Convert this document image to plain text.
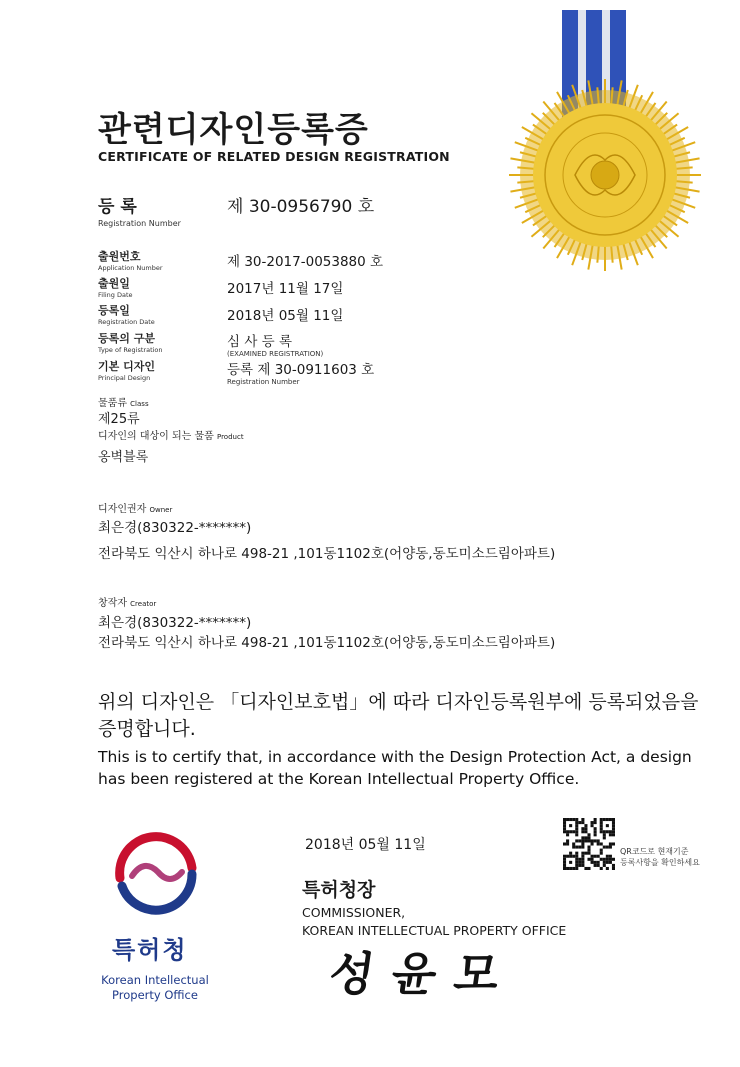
관련디자인등록증
CERTIFICATE OF RELATED DESIGN REGISTRATION
등 록
Registration Number
제 30-0956790 호
출원번호
Application Number	제 30-2017-0053880 호
출원일
Filing Date	2017년 11월 17일
등록일
Registration Date	2018년 05월 11일
등록의 구분
Type of Registration	심 사 등 록
(EXAMINED REGISTRATION)
기본 디자인
Principal Design	등록 제 30-0911603 호
Registration Number
물품류 Class
제25류
디자인의 대상이 되는 물품 Product
옹벽블록
디자인권자 Owner
최은경(830322-*******)
전라북도 익산시 하나로 498-21 ,101동1102호(어양동,동도미소드림아파트)
창작자 Creator
최은경(830322-*******)
전라북도 익산시 하나로 498-21 ,101동1102호(어양동,동도미소드림아파트)
위의 디자인은 「디자인보호법」에 따라 디자인등록원부에 등록되었음을
증명합니다.
This is to certify that, in accordance with the Design Protection Act, a design
has been registered at the Korean Intellectual Property Office.
2018년 05월 11일	QR코드로 현재기준
등록사항을 확인하세요
특허청장
COMMISSIONER,
KOREAN INTELLECTUAL PROPERTY OFFICE
성윤모
특허청
Korean Intellectual
Property Office
